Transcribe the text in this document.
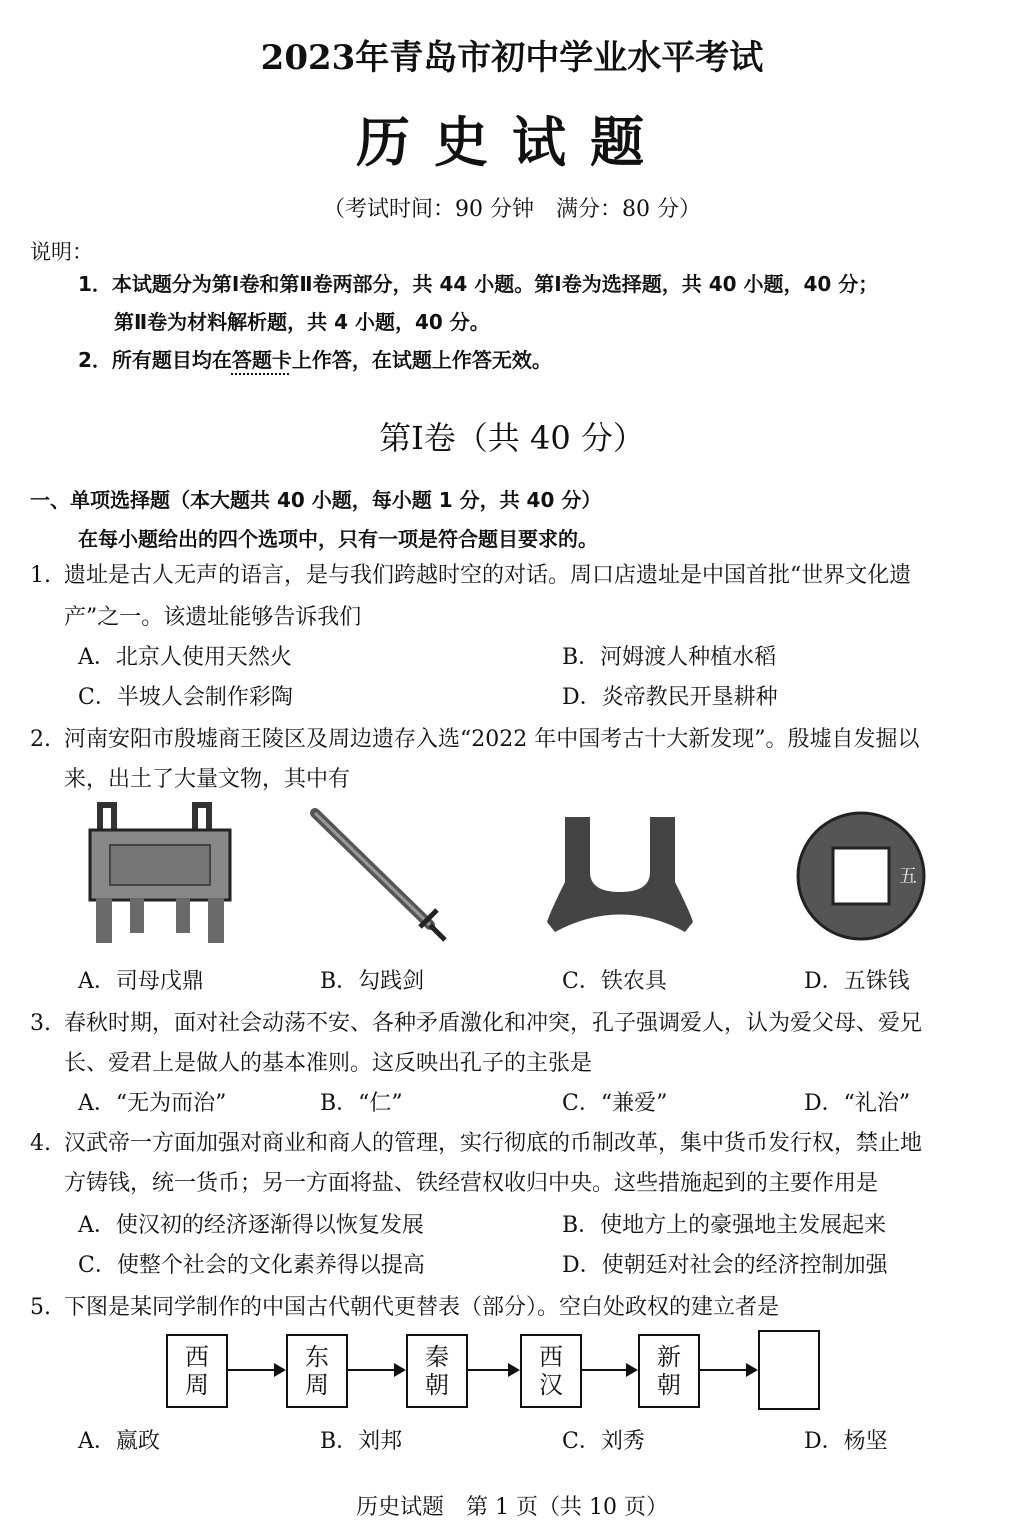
2023年青岛市初中学业水平考试
历史试题
（考试时间：90 分钟　满分：80 分）
说明：
1．本试题分为第Ⅰ卷和第Ⅱ卷两部分，共 44 小题。第Ⅰ卷为选择题，共 40 小题，40 分；
第Ⅱ卷为材料解析题，共 4 小题，40 分。
2．所有题目均在答题卡上作答，在试题上作答无效。
第Ⅰ卷（共 40 分）
一、单项选择题（本大题共 40 小题，每小题 1 分，共 40 分）
在每小题给出的四个选项中，只有一项是符合题目要求的。
1. 遗址是古人无声的语言，是与我们跨越时空的对话。周口店遗址是中国首批“世界文化遗
产”之一。该遗址能够告诉我们
A．北京人使用天然火	B．河姆渡人种植水稻
C．半坡人会制作彩陶	D．炎帝教民开垦耕种
2. 河南安阳市殷墟商王陵区及周边遗存入选“2022 年中国考古十大新发现”。殷墟自发掘以
来，出土了大量文物，其中有
五
A．司母戊鼎	B．勾践剑	C．铁农具	D．五铢钱
3. 春秋时期，面对社会动荡不安、各种矛盾激化和冲突，孔子强调爱人，认为爱父母、爱兄
长、爱君上是做人的基本准则。这反映出孔子的主张是
A．“无为而治”	B．“仁”	C．“兼爱”	D．“礼治”
4. 汉武帝一方面加强对商业和商人的管理，实行彻底的币制改革，集中货币发行权，禁止地
方铸钱，统一货币；另一方面将盐、铁经营权收归中央。这些措施起到的主要作用是
A．使汉初的经济逐渐得以恢复发展	B．使地方上的豪强地主发展起来
C．使整个社会的文化素养得以提高	D．使朝廷对社会的经济控制加强
5. 下图是某同学制作的中国古代朝代更替表（部分）。空白处政权的建立者是
西
周
东
周
秦
朝
西
汉
新
朝
A．嬴政	B．刘邦	C．刘秀	D．杨坚
历史试题　第 1 页（共 10 页）
